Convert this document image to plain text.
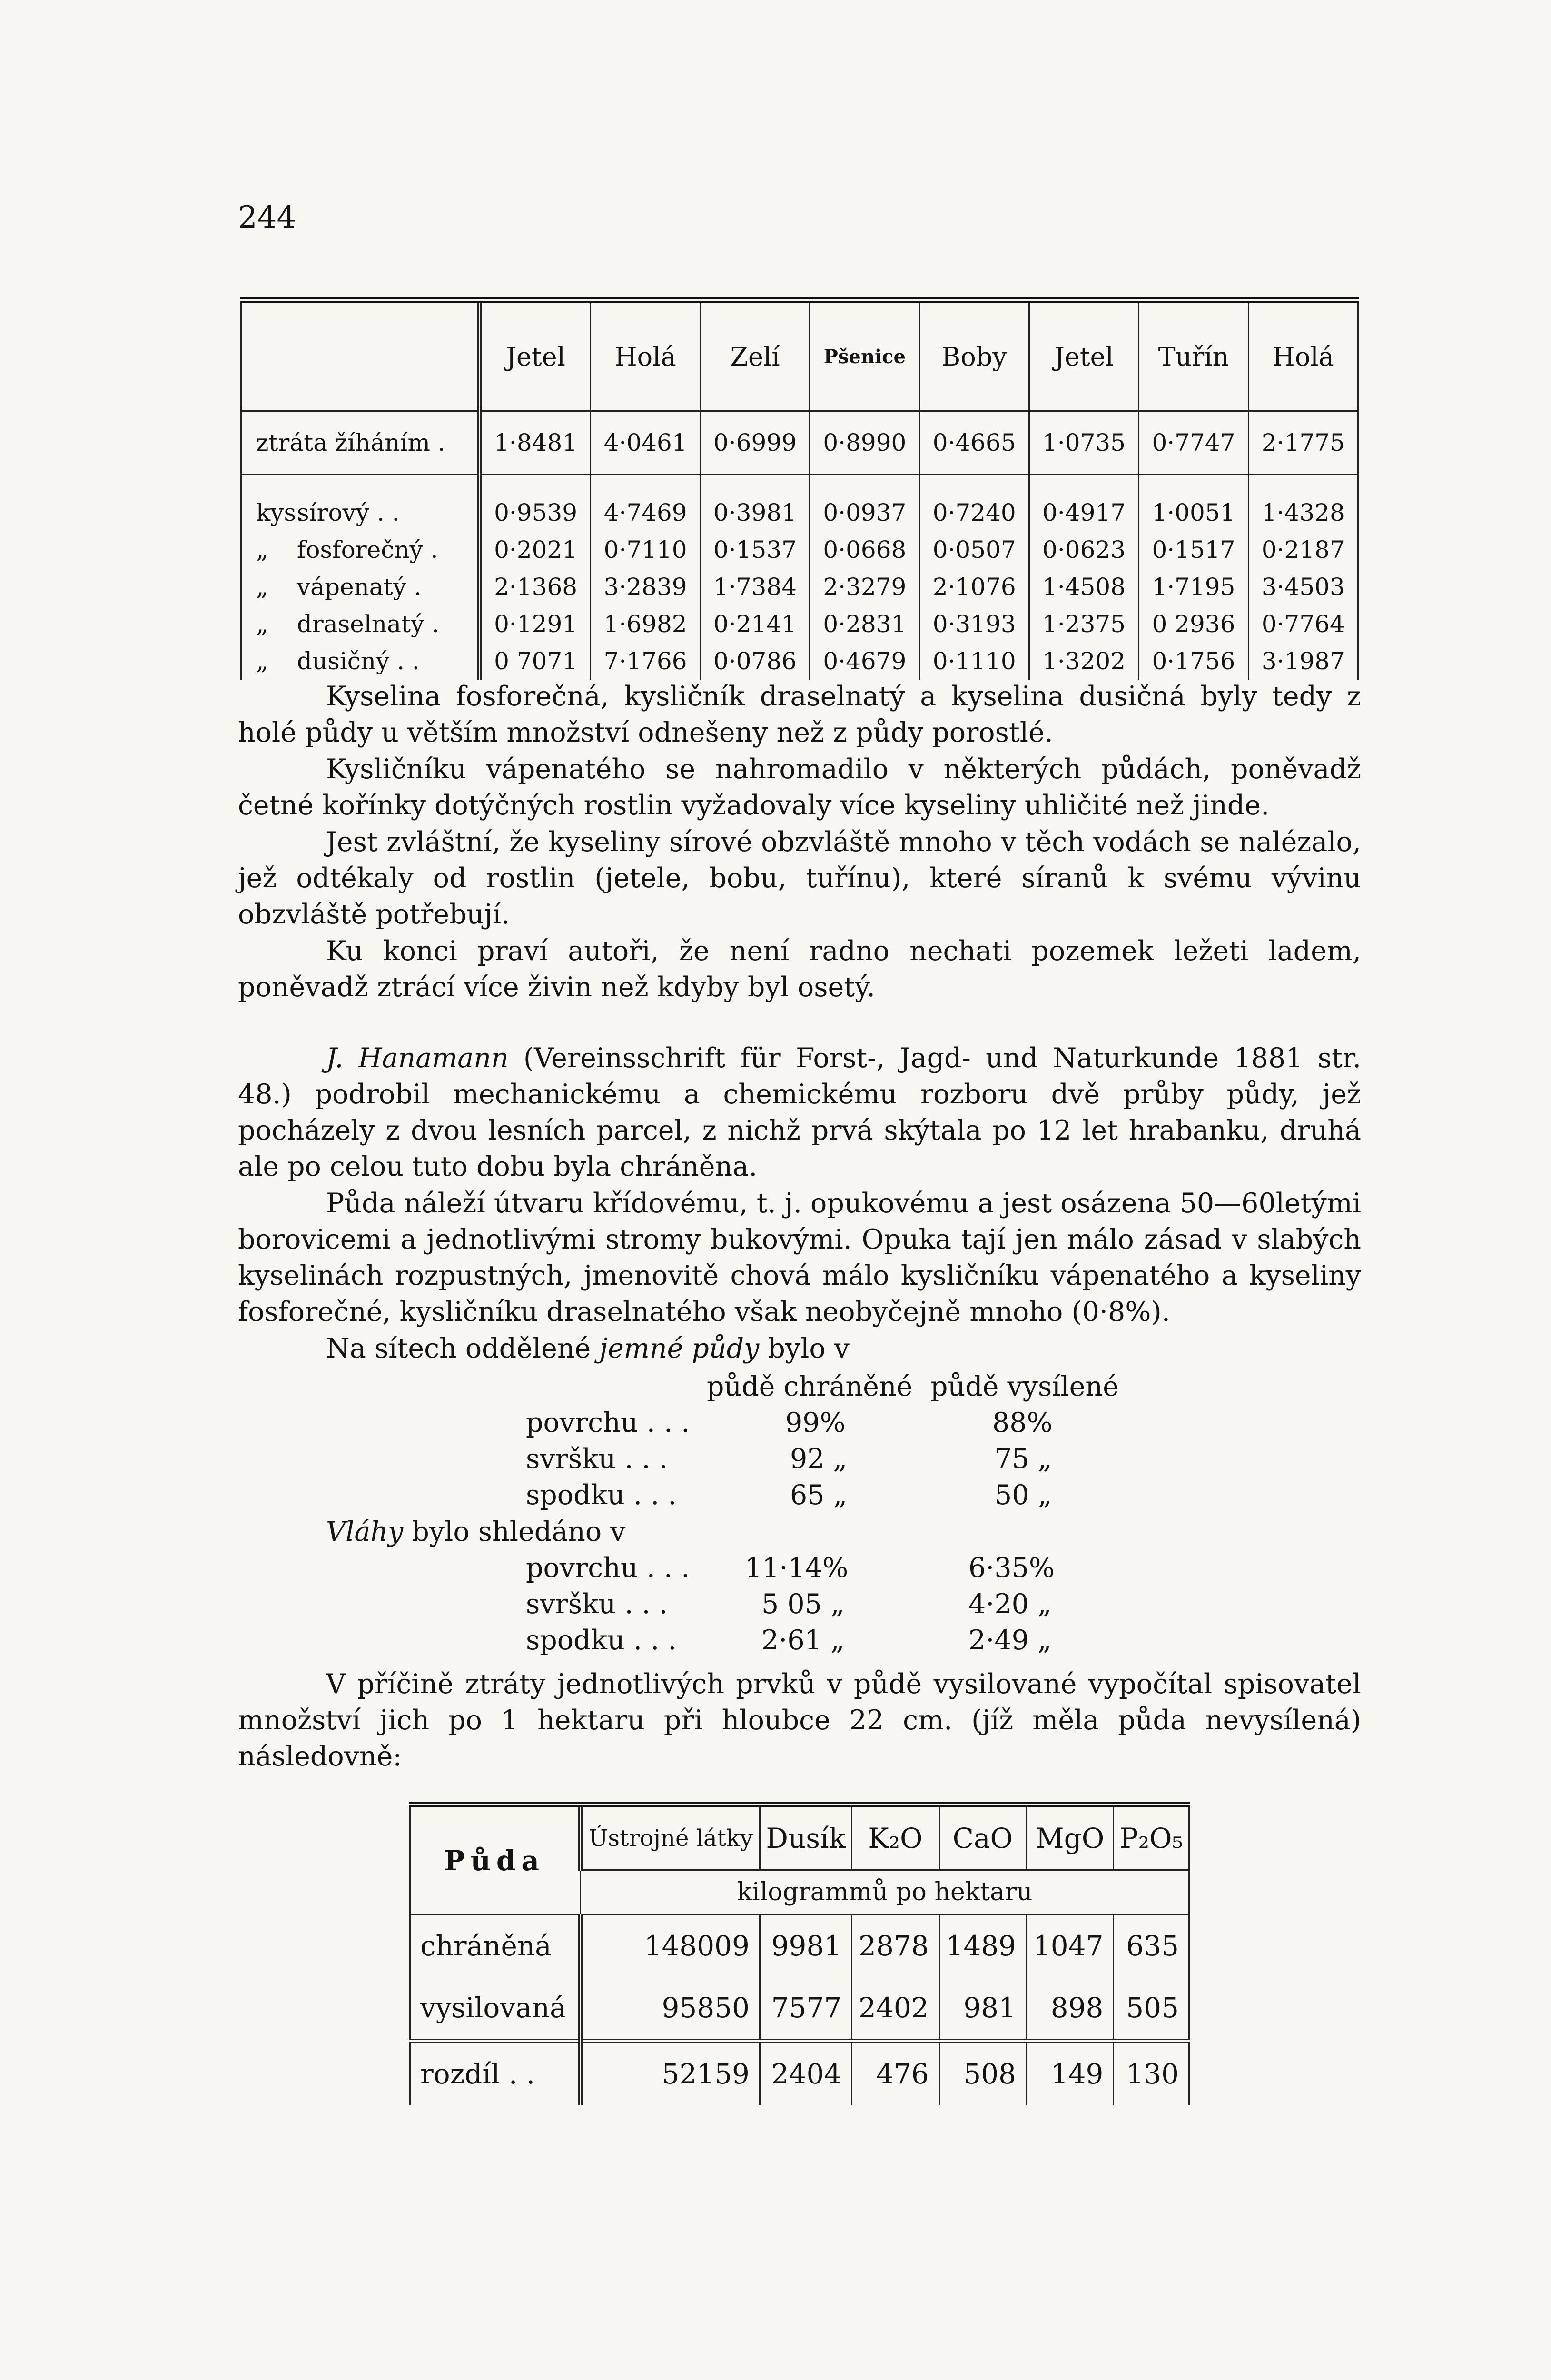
244
	Jetel	Holá	Zelí	Pšenice	Boby	Jetel	Tuřín	Holá
ztráta žíháním .	1·8481	4·0461	0·6999	0·8990	0·4665	1·0735	0·7747	2·1775

kys. sírový . .	0·9539	4·7469	0·3981	0·0937	0·7240	0·4917	1·0051	1·4328
„ fosforečný .	0·2021	0·7110	0·1537	0·0668	0·0507	0·0623	0·1517	0·2187
„ vápenatý .	2·1368	3·2839	1·7384	2·3279	2·1076	1·4508	1·7195	3·4503
„ draselnatý .	0·1291	1·6982	0·2141	0·2831	0·3193	1·2375	0 2936	0·7764
„ dusičný . .	0 7071	7·1766	0·0786	0·4679	0·1110	1·3202	0·1756	3·1987

Kyselina fosforečná, kysličník draselnatý a kyselina dusičná byly tedy z holé půdy u větším množství odnešeny než z půdy porostlé.

Kysličníku vápenatého se nahromadilo v některých půdách, poněvadž četné kořínky dotýčných rostlin vyžadovaly více kyseliny uhličité než jinde.

Jest zvláštní, že kyseliny sírové obzvláště mnoho v těch vodách se nalézalo, jež odtékaly od rostlin (jetele, bobu, tuřínu), které síranů k svému vývinu obzvláště potřebují.

Ku konci praví autoři, že není radno nechati pozemek ležeti ladem, poněvadž ztrácí více živin než kdyby byl osetý.

J. Hanamann (Vereinsschrift für Forst-, Jagd- und Naturkunde 1881 str. 48.) podrobil mechanickému a chemickému rozboru dvě průby půdy, jež pocházely z dvou lesních parcel, z nichž prvá skýtala po 12 let hrabanku, druhá ale po celou tuto dobu byla chráněna.

Půda náleží útvaru křídovému, t. j. opukovému a jest osázena 50—60letými borovicemi a jednotlivými stromy bukovými. Opuka tají jen málo zásad v slabých kyselinách rozpustných, jmenovitě chová málo kysličníku vápenatého a kyseliny fosforečné, kysličníku draselnatého však neobyčejně mnoho (0·8%).

Na sítech oddělené jemné půdy bylo v

půdě chráněné půdě vysílené
povrchu . . .	99%	88%
svršku . . .	92 „	75 „
spodku . . .	65 „	50 „
Vláhy bylo shledáno v
povrchu . . . 11·14%	6·35%
svršku . . .	5 05 „	4·20 „
spodku . . .	2·61 „	2·49 „

V příčině ztráty jednotlivých prvků v půdě vysilované vypočítal spisovatel množství jich po 1 hektaru při hloubce 22 cm. (jíž měla půda nevysílená) následovně:

Půda	Ústrojné látky	Dusík	K₂O	CaO	MgO	P₂O₅
	kilogrammů po hektaru					
chráněná	148009	9981	2878	1489	1047	635
vysilovaná	95850	7577	2402	981	898	505
rozdíl . .	52159	2404	476	508	149	130
